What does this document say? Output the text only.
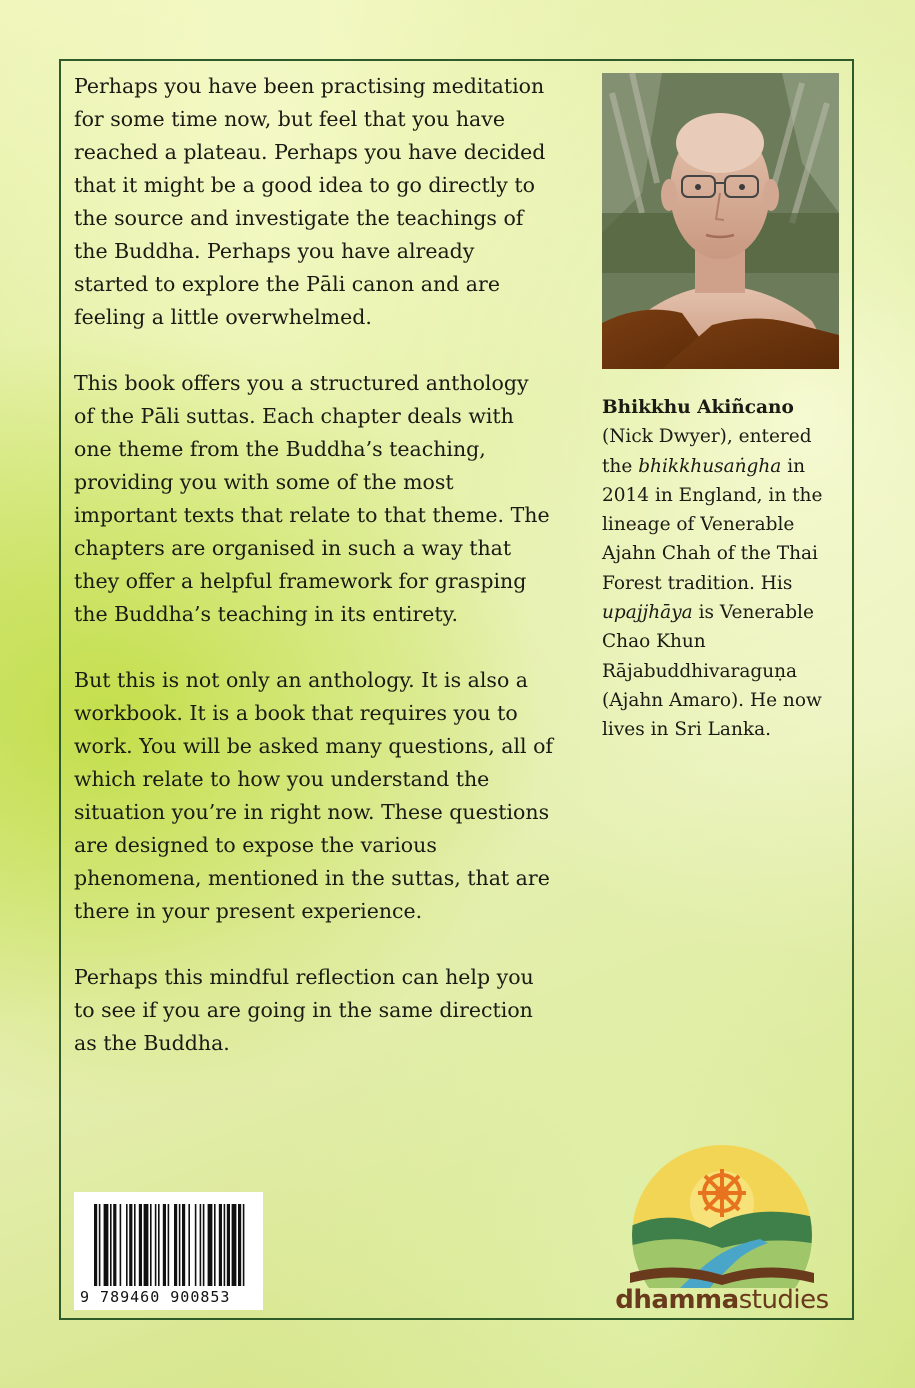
Perhaps you have been practising meditation for some time now, but feel that you have reached a plateau. Perhaps you have decided that it might be a good idea to go directly to the source and investigate the teachings of the Buddha. Perhaps you have already started to explore the Pāli canon and are feeling a little overwhelmed.

This book offers you a structured anthology of the Pāli suttas. Each chapter deals with one theme from the Buddha’s teaching, providing you with some of the most important texts that relate to that theme. The chapters are organised in such a way that they offer a helpful framework for grasping the Buddha’s teaching in its entirety.

But this is not only an anthology. It is also a workbook. It is a book that requires you to work. You will be asked many questions, all of which relate to how you understand the situation you’re in right now. These questions are designed to expose the various phenomena, mentioned in the suttas, that are there in your present experience.

Perhaps this mindful reflection can help you to see if you are going in the same direction as the Buddha.

Bhikkhu Akiñcano
(Nick Dwyer), entered the bhikkhusaṅgha in 2014 in England, in the lineage of Venerable Ajahn Chah of the Thai Forest tradition. His upajjhāya is Venerable Chao Khun Rājabuddhivaraguṇa (Ajahn Amaro). He now lives in Sri Lanka.
9 789460 900853	dhammastudies
